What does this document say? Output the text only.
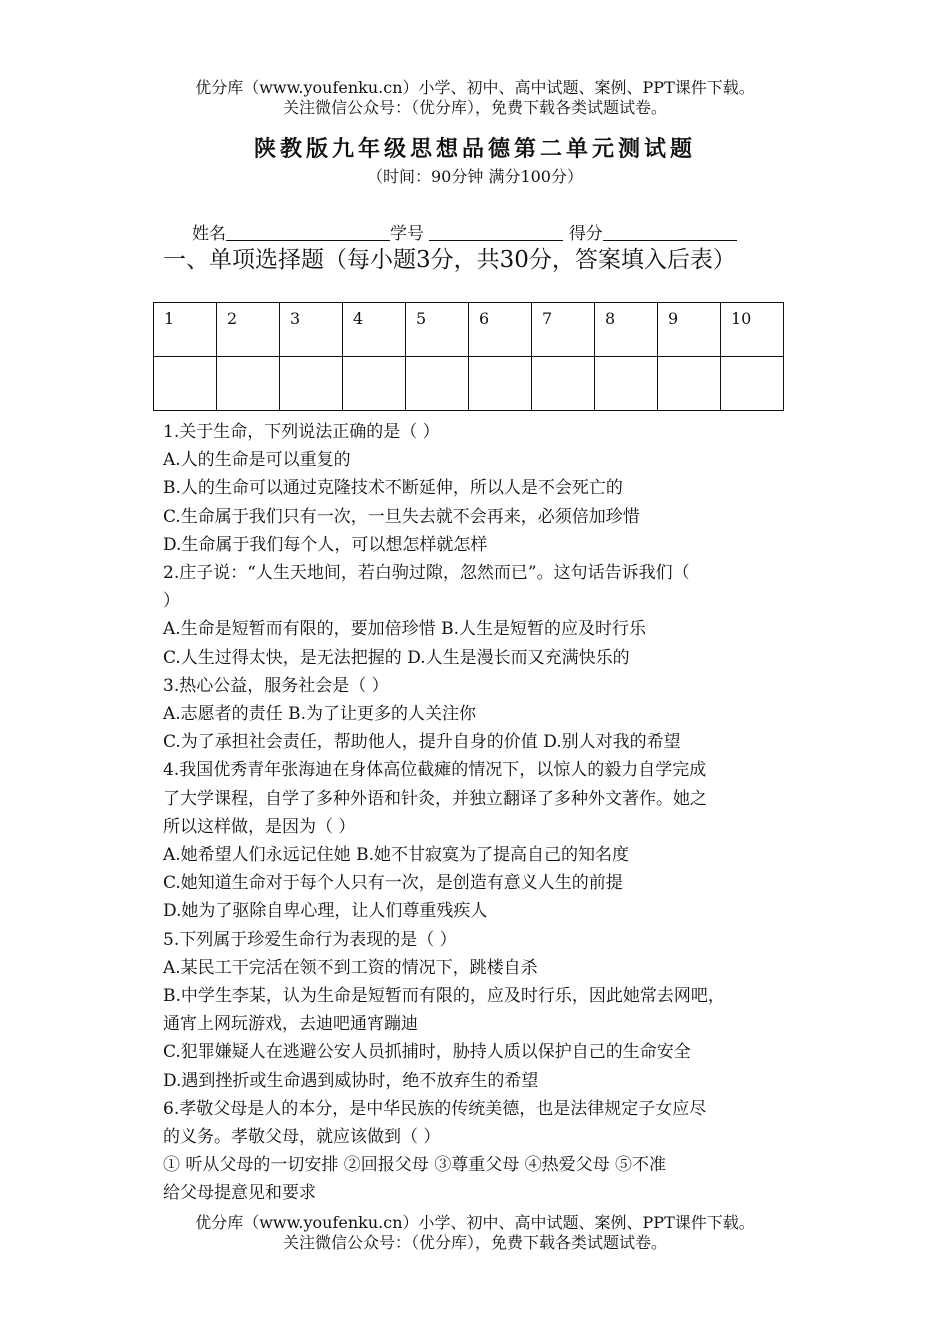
优分库（www.youfenku.cn）小学、初中、高中试题、案例、PPT课件下载。
关注微信公众号：（优分库），免费下载各类试题试卷。
陕教版九年级思想品德第二单元测试题
（时间：90分钟 满分100分）
姓名	学号	得分
一、单项选择题（每小题3分，共30分，答案填入后表）
1	2	3	4	5	6	7	8	9	10

1.关于生命，下列说法正确的是（ ）
A.人的生命是可以重复的
B.人的生命可以通过克隆技术不断延伸，所以人是不会死亡的
C.生命属于我们只有一次，一旦失去就不会再来，必须倍加珍惜
D.生命属于我们每个人，可以想怎样就怎样
2.庄子说：“人生天地间，若白驹过隙，忽然而已”。这句话告诉我们（
）
A.生命是短暂而有限的，要加倍珍惜 B.人生是短暂的应及时行乐
C.人生过得太快，是无法把握的 D.人生是漫长而又充满快乐的
3.热心公益，服务社会是（ ）
A.志愿者的责任 B.为了让更多的人关注你
C.为了承担社会责任，帮助他人，提升自身的价值 D.别人对我的希望
4.我国优秀青年张海迪在身体高位截瘫的情况下，以惊人的毅力自学完成
了大学课程，自学了多种外语和针灸，并独立翻译了多种外文著作。她之
所以这样做，是因为（ ）
A.她希望人们永远记住她 B.她不甘寂寞为了提高自己的知名度
C.她知道生命对于每个人只有一次，是创造有意义人生的前提
D.她为了驱除自卑心理，让人们尊重残疾人
5.下列属于珍爱生命行为表现的是（ ）
A.某民工干完活在领不到工资的情况下，跳楼自杀
B.中学生李某，认为生命是短暂而有限的，应及时行乐，因此她常去网吧，
通宵上网玩游戏，去迪吧通宵蹦迪
C.犯罪嫌疑人在逃避公安人员抓捕时，胁持人质以保护自己的生命安全
D.遇到挫折或生命遇到威协时，绝不放弃生的希望
6.孝敬父母是人的本分，是中华民族的传统美德，也是法律规定子女应尽
的义务。孝敬父母，就应该做到（ ）
① 听从父母的一切安排 ②回报父母 ③尊重父母 ④热爱父母 ⑤不准
给父母提意见和要求
优分库（www.youfenku.cn）小学、初中、高中试题、案例、PPT课件下载。
关注微信公众号：（优分库），免费下载各类试题试卷。
